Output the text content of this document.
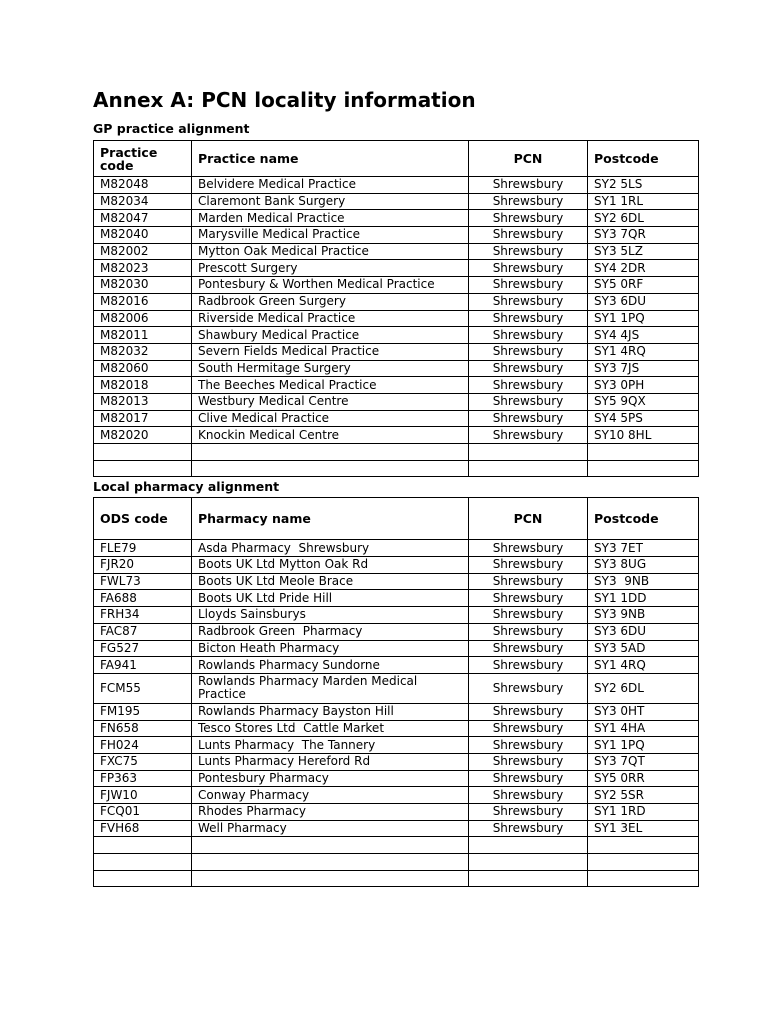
Annex A: PCN locality information
GP practice alignment
Practice code	Practice name	PCN	Postcode
M82048	Belvidere Medical Practice	Shrewsbury	SY2 5LS
M82034	Claremont Bank Surgery	Shrewsbury	SY1 1RL
M82047	Marden Medical Practice	Shrewsbury	SY2 6DL
M82040	Marysville Medical Practice	Shrewsbury	SY3 7QR
M82002	Mytton Oak Medical Practice	Shrewsbury	SY3 5LZ
M82023	Prescott Surgery	Shrewsbury	SY4 2DR
M82030	Pontesbury & Worthen Medical Practice	Shrewsbury	SY5 0RF
M82016	Radbrook Green Surgery	Shrewsbury	SY3 6DU
M82006	Riverside Medical Practice	Shrewsbury	SY1 1PQ
M82011	Shawbury Medical Practice	Shrewsbury	SY4 4JS
M82032	Severn Fields Medical Practice	Shrewsbury	SY1 4RQ
M82060	South Hermitage Surgery	Shrewsbury	SY3 7JS
M82018	The Beeches Medical Practice	Shrewsbury	SY3 0PH
M82013	Westbury Medical Centre	Shrewsbury	SY5 9QX
M82017	Clive Medical Practice	Shrewsbury	SY4 5PS
M82020	Knockin Medical Centre	Shrewsbury	SY10 8HL

Local pharmacy alignment
ODS code	Pharmacy name	PCN	Postcode
FLE79	Asda Pharmacy  Shrewsbury	Shrewsbury	SY3 7ET
FJR20	Boots UK Ltd Mytton Oak Rd	Shrewsbury	SY3 8UG
FWL73	Boots UK Ltd Meole Brace	Shrewsbury	SY3  9NB
FA688	Boots UK Ltd Pride Hill	Shrewsbury	SY1 1DD
FRH34	Lloyds Sainsburys	Shrewsbury	SY3 9NB
FAC87	Radbrook Green  Pharmacy	Shrewsbury	SY3 6DU
FG527	Bicton Heath Pharmacy	Shrewsbury	SY3 5AD
FA941	Rowlands Pharmacy Sundorne	Shrewsbury	SY1 4RQ
FCM55	Rowlands Pharmacy Marden Medical Practice	Shrewsbury	SY2 6DL
FM195	Rowlands Pharmacy Bayston Hill	Shrewsbury	SY3 0HT
FN658	Tesco Stores Ltd  Cattle Market	Shrewsbury	SY1 4HA
FH024	Lunts Pharmacy  The Tannery	Shrewsbury	SY1 1PQ
FXC75	Lunts Pharmacy Hereford Rd	Shrewsbury	SY3 7QT
FP363	Pontesbury Pharmacy	Shrewsbury	SY5 0RR
FJW10	Conway Pharmacy	Shrewsbury	SY2 5SR
FCQ01	Rhodes Pharmacy	Shrewsbury	SY1 1RD
FVH68	Well Pharmacy	Shrewsbury	SY1 3EL
